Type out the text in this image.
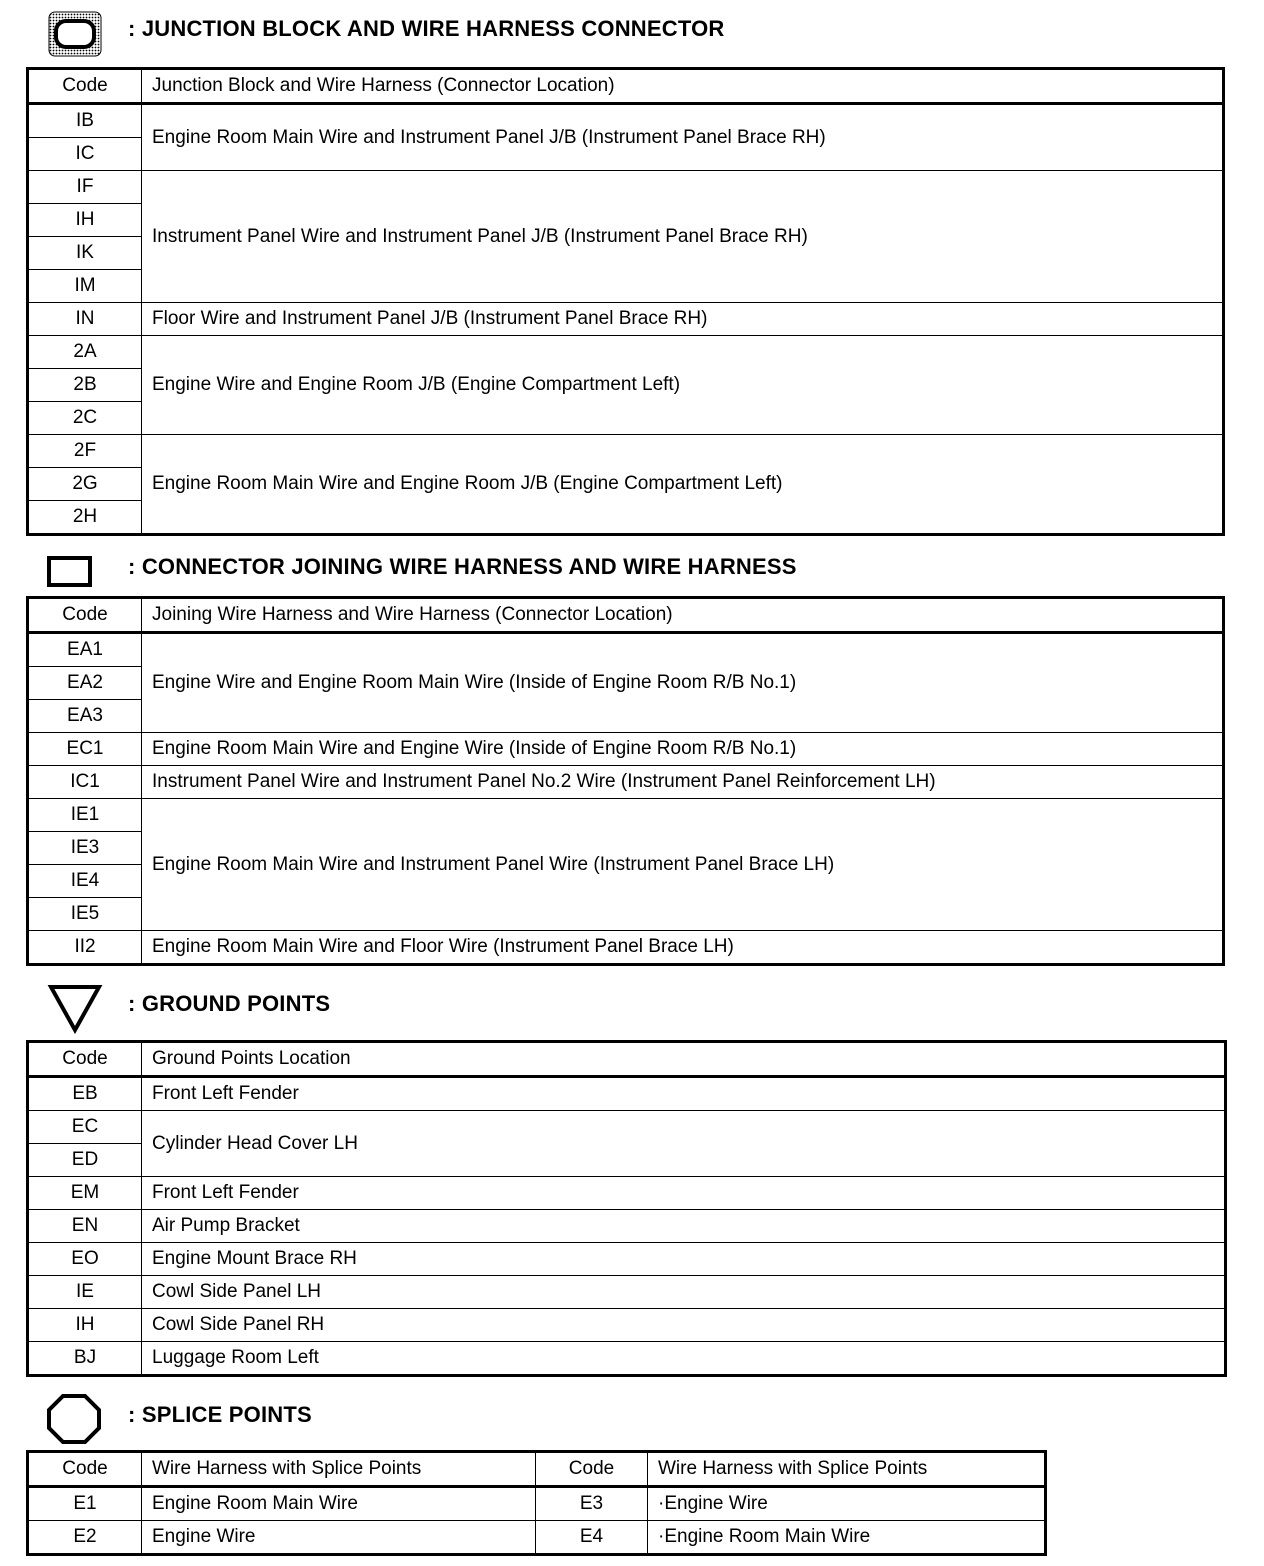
: JUNCTION BLOCK AND WIRE HARNESS CONNECTOR
Code	Junction Block and Wire Harness (Connector Location)
IB	Engine Room Main Wire and Instrument Panel J/B (Instrument Panel Brace RH)
IC	
IF	Instrument Panel Wire and Instrument Panel J/B (Instrument Panel Brace RH)
IH	
IK	
IM	
IN	Floor Wire and Instrument Panel J/B (Instrument Panel Brace RH)
2A	Engine Wire and Engine Room J/B (Engine Compartment Left)
2B	
2C	
2F	Engine Room Main Wire and Engine Room J/B (Engine Compartment Left)
2G	
2H	
: CONNECTOR JOINING WIRE HARNESS AND WIRE HARNESS
Code	Joining Wire Harness and Wire Harness (Connector Location)
EA1	Engine Wire and Engine Room Main Wire (Inside of Engine Room R/B No.1)
EA2	
EA3	
EC1	Engine Room Main Wire and Engine Wire (Inside of Engine Room R/B No.1)
IC1	Instrument Panel Wire and Instrument Panel No.2 Wire (Instrument Panel Reinforcement LH)
IE1	Engine Room Main Wire and Instrument Panel Wire (Instrument Panel Brace LH)
IE3	
IE4	
IE5	
II2	Engine Room Main Wire and Floor Wire (Instrument Panel Brace LH)
: GROUND POINTS
Code	Ground Points Location
EB	Front Left Fender
EC	Cylinder Head Cover LH
ED	
EM	Front Left Fender
EN	Air Pump Bracket
EO	Engine Mount Brace RH
IE	Cowl Side Panel LH
IH	Cowl Side Panel RH
BJ	Luggage Room Left
: SPLICE POINTS
Code	Wire Harness with Splice Points	Code	Wire Harness with Splice Points
E1	Engine Room Main Wire	E3	·Engine Wire
E2	Engine Wire	E4	·Engine Room Main Wire
